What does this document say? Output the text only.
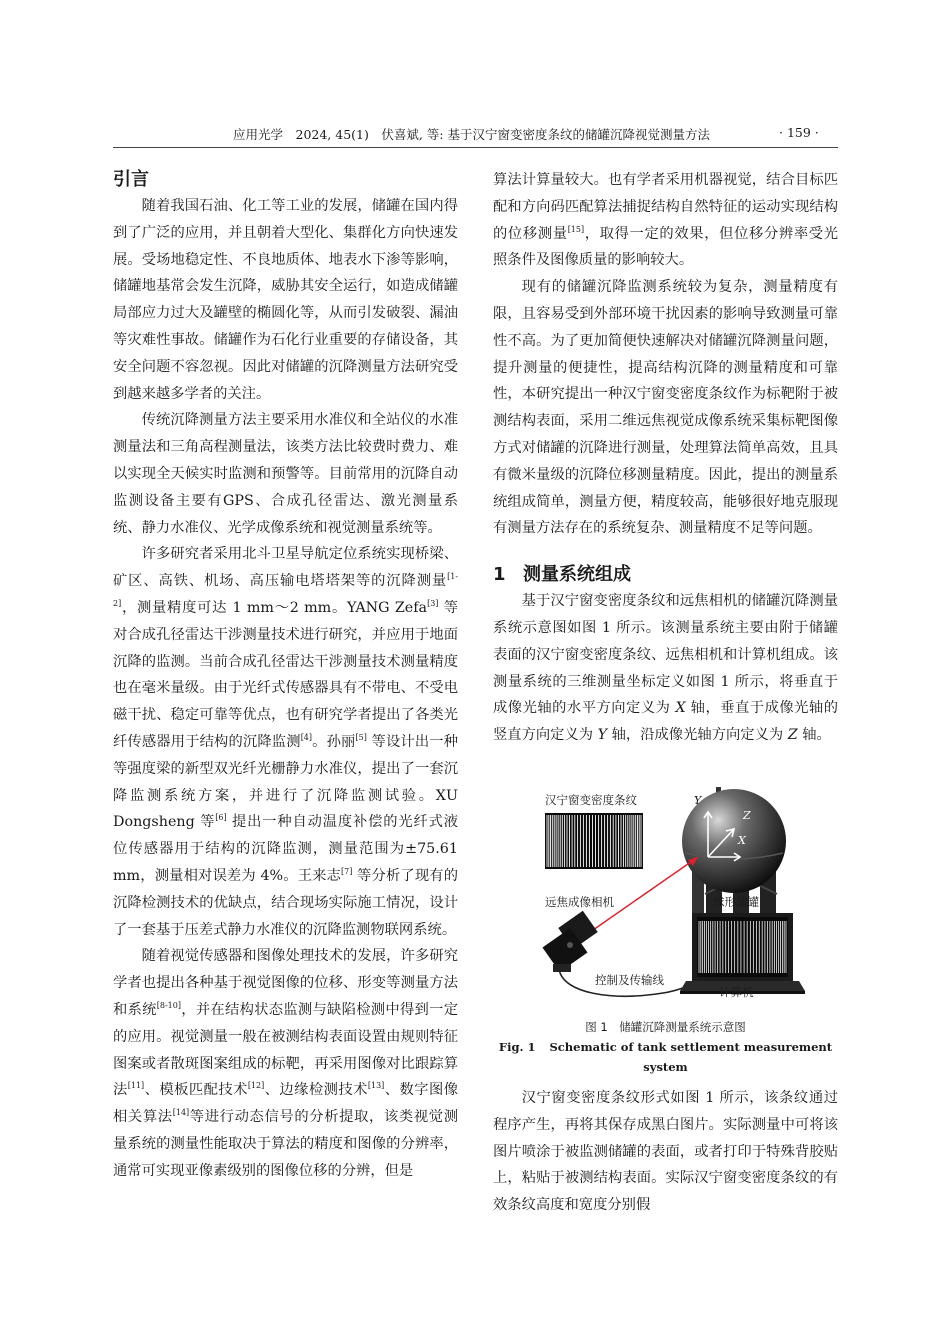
应用光学　2024, 45(1)　伏喜斌, 等: 基于汉宁窗变密度条纹的储罐沉降视觉测量方法	· 159 ·
引言

随着我国石油、化工等工业的发展，储罐在国内得到了广泛的应用，并且朝着大型化、集群化方向快速发展。受场地稳定性、不良地质体、地表水下渗等影响，储罐地基常会发生沉降，威胁其安全运行，如造成储罐局部应力过大及罐壁的椭圆化等，从而引发破裂、漏油等灾难性事故。储罐作为石化行业重要的存储设备，其安全问题不容忽视。因此对储罐的沉降测量方法研究受到越来越多学者的关注。

传统沉降测量方法主要采用水准仪和全站仪的水准测量法和三角高程测量法，该类方法比较费时费力、难以实现全天候实时监测和预警等。目前常用的沉降自动监测设备主要有GPS、合成孔径雷达、激光测量系统、静力水准仪、光学成像系统和视觉测量系统等。

许多研究者采用北斗卫星导航定位系统实现桥梁、矿区、高铁、机场、高压输电塔塔架等的沉降测量[1-2]，测量精度可达 1 mm～2 mm。YANG Zefa[3] 等对合成孔径雷达干涉测量技术进行研究，并应用于地面沉降的监测。当前合成孔径雷达干涉测量技术测量精度也在毫米量级。由于光纤式传感器具有不带电、不受电磁干扰、稳定可靠等优点，也有研究学者提出了各类光纤传感器用于结构的沉降监测[4]。孙丽[5] 等设计出一种等强度梁的新型双光纤光栅静力水准仪，提出了一套沉降监测系统方案，并进行了沉降监测试验。XU Dongsheng 等[6] 提出一种自动温度补偿的光纤式液位传感器用于结构的沉降监测，测量范围为±75.61 mm，测量相对误差为 4%。王来志[7] 等分析了现有的沉降检测技术的优缺点，结合现场实际施工情况，设计了一套基于压差式静力水准仪的沉降监测物联网系统。

随着视觉传感器和图像处理技术的发展，许多研究学者也提出各种基于视觉图像的位移、形变等测量方法和系统[8-10]，并在结构状态监测与缺陷检测中得到一定的应用。视觉测量一般在被测结构表面设置由规则特征图案或者散斑图案组成的标靶，再采用图像对比跟踪算法[11]、模板匹配技术[12]、边缘检测技术[13]、数字图像相关算法[14]等进行动态信号的分析提取，该类视觉测量系统的测量性能取决于算法的精度和图像的分辨率，通常可实现亚像素级别的图像位移的分辨，但是

算法计算量较大。也有学者采用机器视觉，结合目标匹配和方向码匹配算法捕捉结构自然特征的运动实现结构的位移测量[15]，取得一定的效果，但位移分辨率受光照条件及图像质量的影响较大。

现有的储罐沉降监测系统较为复杂，测量精度有限，且容易受到外部环境干扰因素的影响导致测量可靠性不高。为了更加简便快速解决对储罐沉降测量问题，提升测量的便捷性，提高结构沉降的测量精度和可靠性，本研究提出一种汉宁窗变密度条纹作为标靶附于被测结构表面，采用二维远焦视觉成像系统采集标靶图像方式对储罐的沉降进行测量，处理算法简单高效，且具有微米量级的沉降位移测量精度。因此，提出的测量系统组成简单，测量方便，精度较高，能够很好地克服现有测量方法存在的系统复杂、测量精度不足等问题。

1 测量系统组成

基于汉宁窗变密度条纹和远焦相机的储罐沉降测量系统示意图如图 1 所示。该测量系统主要由附于储罐表面的汉宁窗变密度条纹、远焦相机和计算机组成。该测量系统的三维测量坐标定义如图 1 所示，将垂直于成像光轴的水平方向定义为 X 轴，垂直于成像光轴的竖直方向定义为 Y 轴，沿成像光轴方向定义为 Z 轴。

汉宁窗变密度条纹
远焦成像相机	球形储罐
控制及传输线
计算机
Y
Z
X
图 1　储罐沉降测量系统示意图
Fig. 1 Schematic of tank settlement measurement system

汉宁窗变密度条纹形式如图 1 所示，该条纹通过程序产生，再将其保存成黑白图片。实际测量中可将该图片喷涂于被监测储罐的表面，或者打印于特殊背胶贴上，粘贴于被测结构表面。实际汉宁窗变密度条纹的有效条纹高度和宽度分别假
